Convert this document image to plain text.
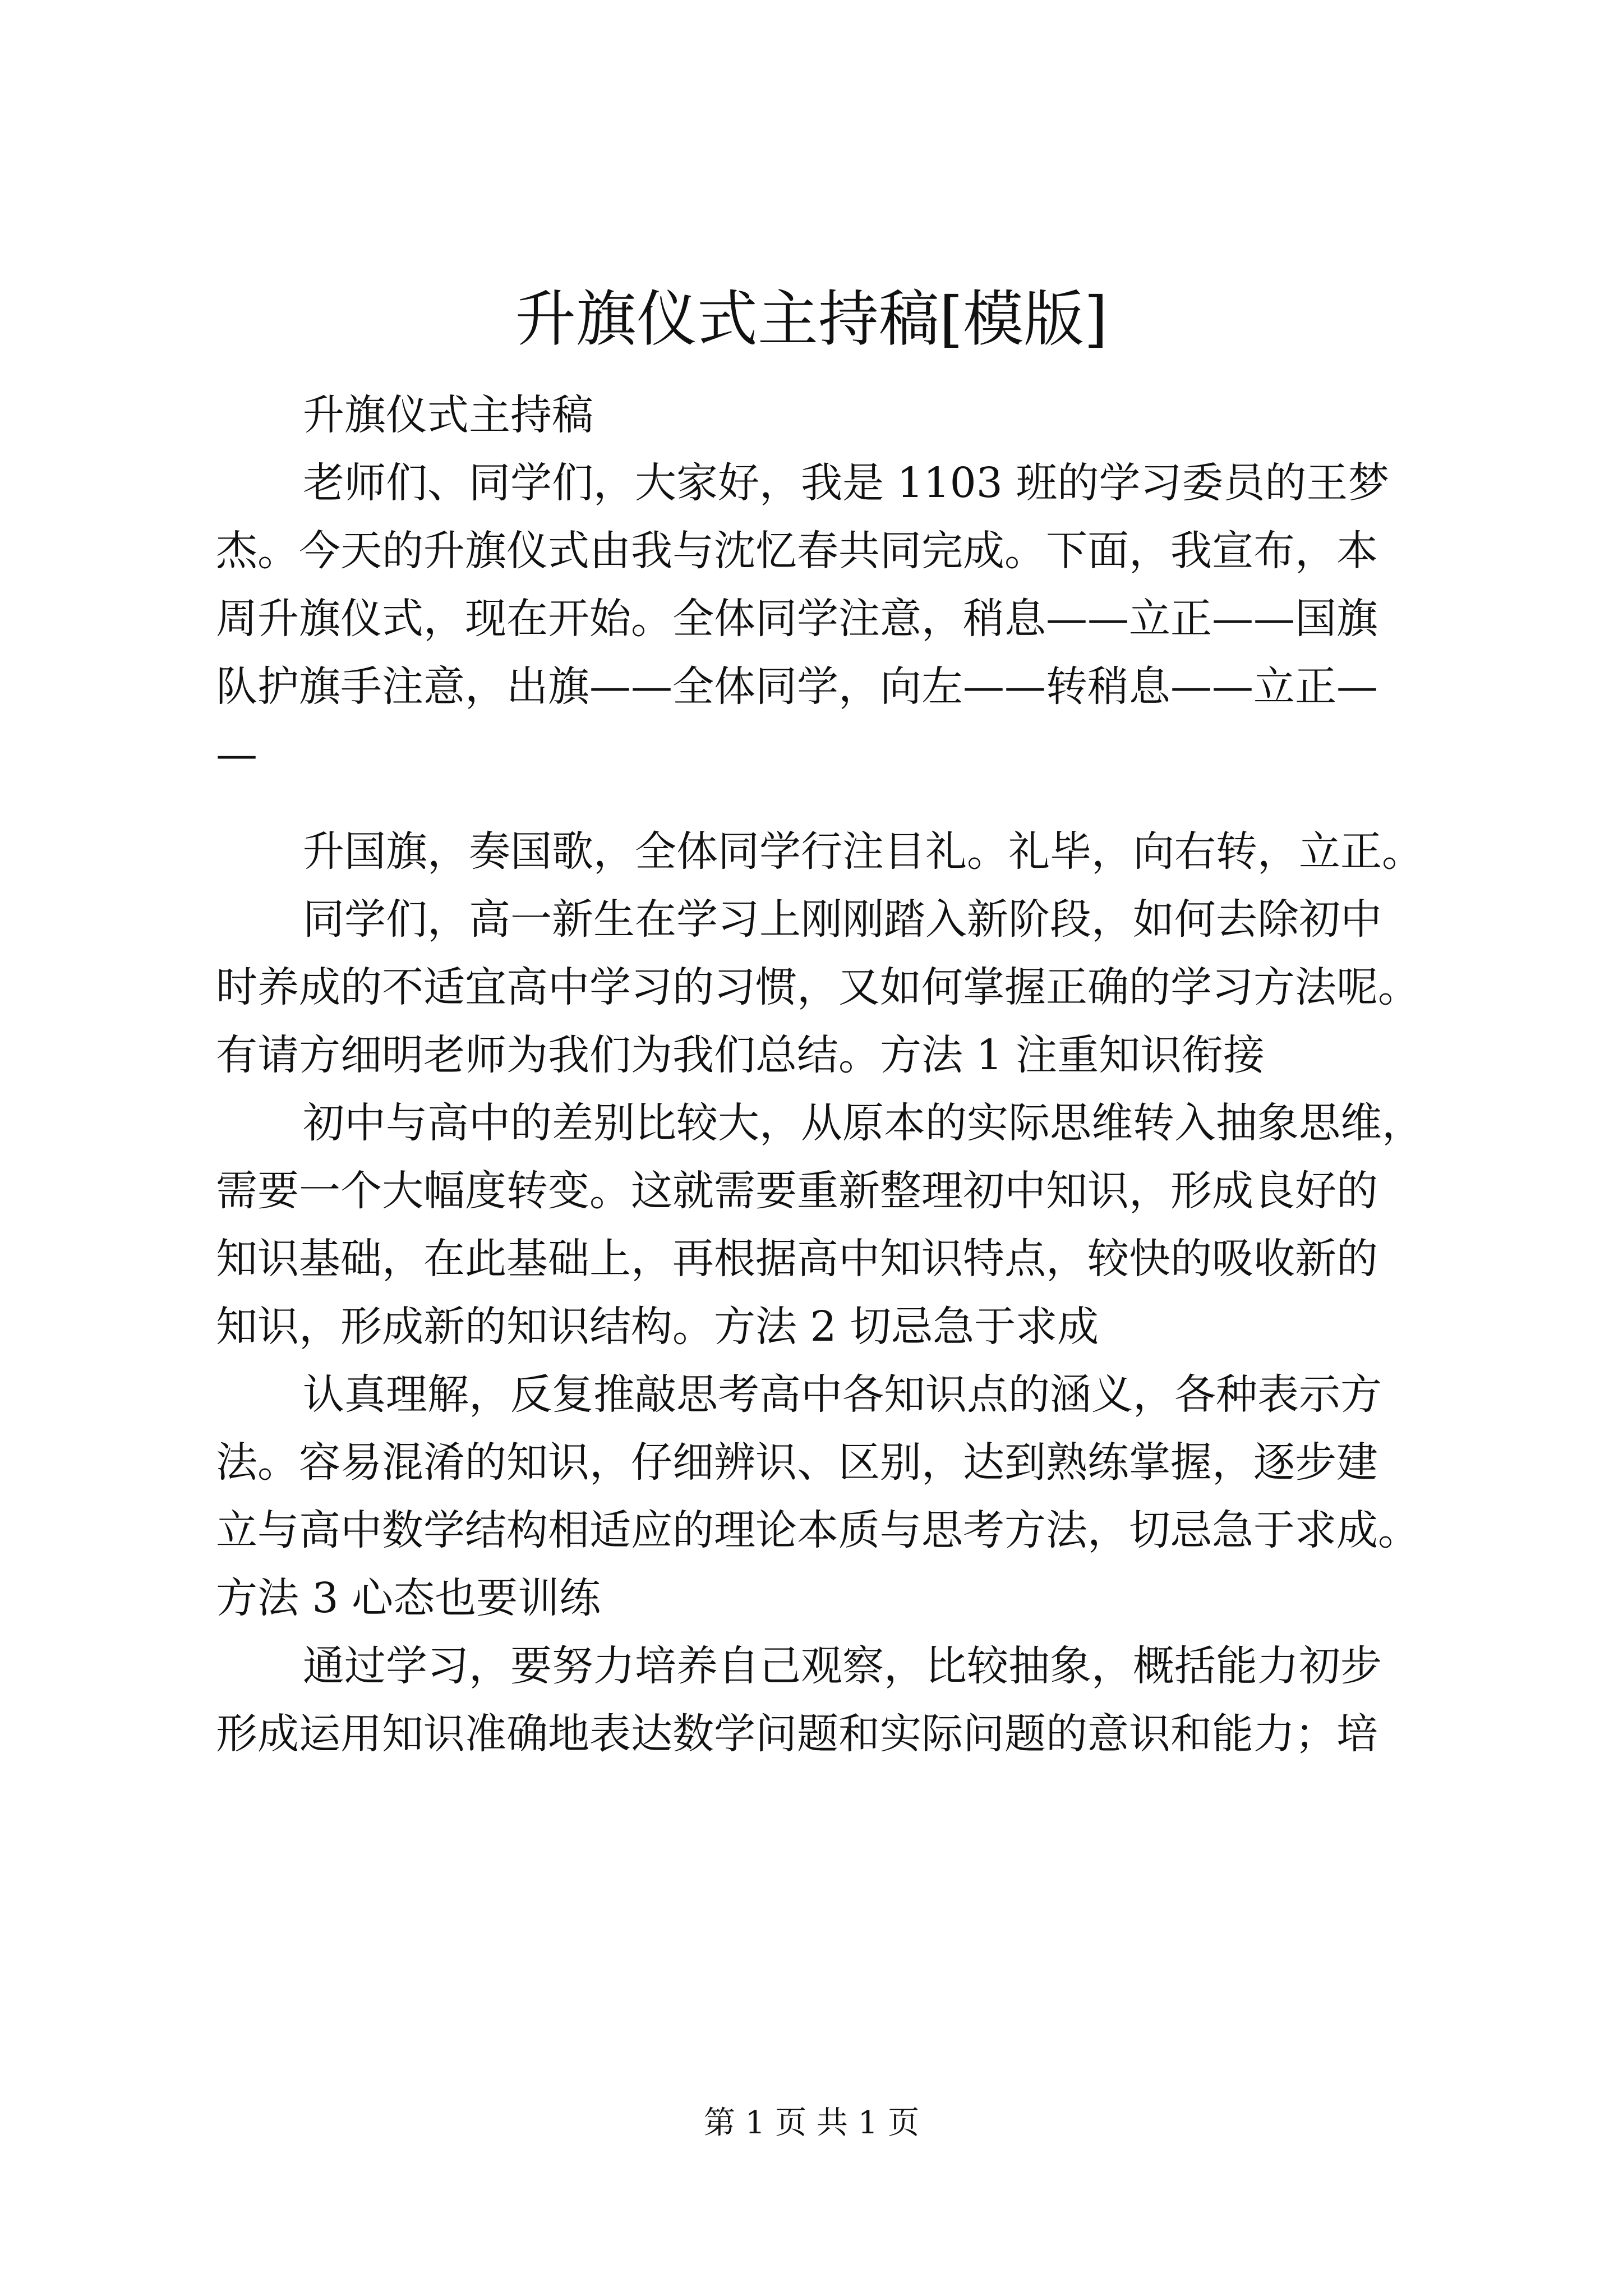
升旗仪式主持稿[模版]
升旗仪式主持稿
老师们、同学们，大家好，我是 1103 班的学习委员的王梦
杰。今天的升旗仪式由我与沈忆春共同完成。下面，我宣布，本
周升旗仪式，现在开始。全体同学注意，稍息——立正——国旗
队护旗手注意，出旗——全体同学，向左——转稍息——立正—
—
升国旗，奏国歌，全体同学行注目礼。礼毕，向右转，立正。
同学们，高一新生在学习上刚刚踏入新阶段，如何去除初中
时养成的不适宜高中学习的习惯，又如何掌握正确的学习方法呢。
有请方细明老师为我们为我们总结。方法 1 注重知识衔接
初中与高中的差别比较大，从原本的实际思维转入抽象思维，
需要一个大幅度转变。这就需要重新整理初中知识，形成良好的
知识基础，在此基础上，再根据高中知识特点，较快的吸收新的
知识，形成新的知识结构。方法 2 切忌急于求成
认真理解，反复推敲思考高中各知识点的涵义，各种表示方
法。容易混淆的知识，仔细辨识、区别，达到熟练掌握，逐步建
立与高中数学结构相适应的理论本质与思考方法，切忌急于求成。
方法 3 心态也要训练
通过学习，要努力培养自己观察，比较抽象，概括能力初步
形成运用知识准确地表达数学问题和实际问题的意识和能力；培
第 1 页 共 1 页
